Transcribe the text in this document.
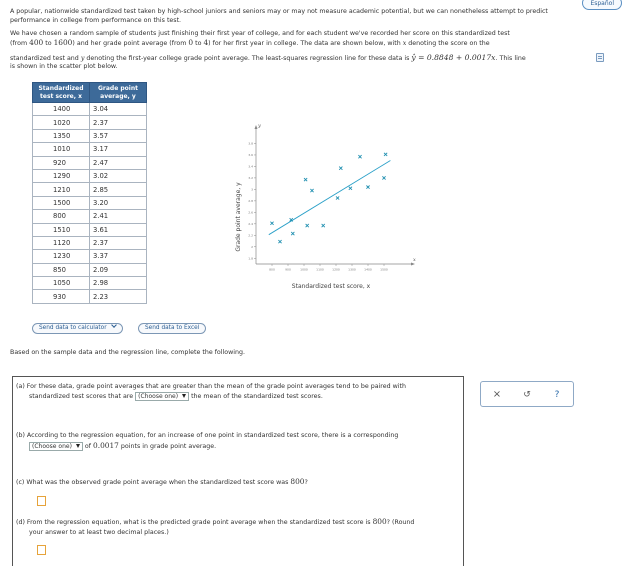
Español
A popular, nationwide standardized test taken by high-school juniors and seniors may or may not measure academic potential, but we can nonetheless attempt to predict performance in college from performance on this test.
We have chosen a random sample of students just finishing their first year of college, and for each student we've recorded her score on this standardized test
(from 400 to 1600) and her grade point average (from 0 to 4) for her first year in college. The data are shown below, with x denoting the score on the
standardized test and y denoting the first-year college grade point average. The least-squares regression line for these data is ŷ = 0.8848 + 0.0017x. This line
is shown in the scatter plot below.
Standardized
test score, x	Grade point
average, y
1400	3.04
1020	2.37
1350	3.57
1010	3.17
920	2.47
1290	3.02
1210	2.85
1500	3.20
800	2.41
1510	3.61
1120	2.37
1230	3.37
850	2.09
1050	2.98
930	2.23
Send data to calculator	Send data to Excel
x
y
800	900	1000	1100	1200	1300	1400	1500
1.8
2
2.2
2.4
2.6
2.8
3
3.2
3.4
3.6
3.8
Grade point average, y
Standardized test score, x
Based on the sample data and the regression line, complete the following.
(a) For these data, grade point averages that are greater than the mean of the grade point averages tend to be paired with
standardized test scores that are (Choose one) the mean of the standardized test scores.
(b) According to the regression equation, for an increase of one point in standardized test score, there is a corresponding
(Choose one) of 0.0017 points in grade point average.
(c) What was the observed grade point average when the standardized test score was 800?
(d) From the regression equation, what is the predicted grade point average when the standardized test score is 800? (Round
your answer to at least two decimal places.)
×	↺	?
